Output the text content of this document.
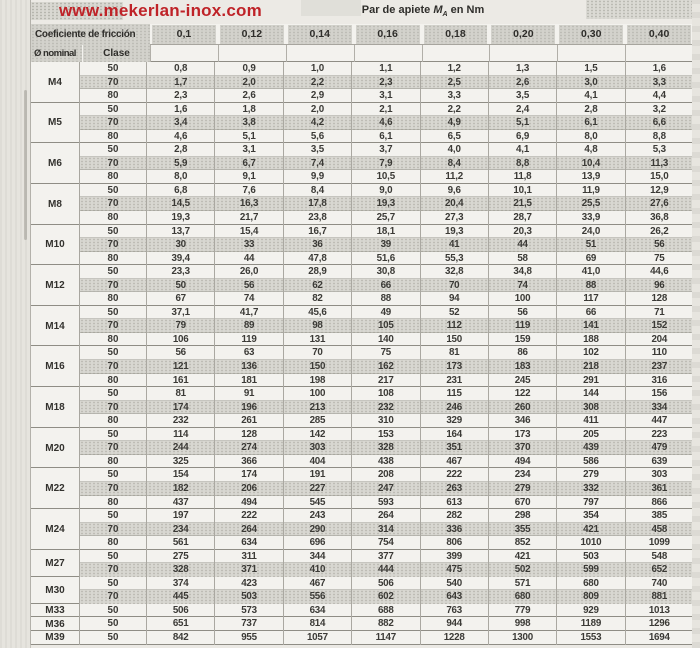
www.mekerlan-inox.com	Par de apiete $M_A$ en Nm
Coeficiente de fricción	0,1	0,12	0,14	0,16	0,18	0,20	0,30	0,40
Ø nominal	Clase
M4
50	0,8	0,9	1,0	1,1	1,2	1,3	1,5	1,6
70	1,7	2,0	2,2	2,3	2,5	2,6	3,0	3,3
80	2,3	2,6	2,9	3,1	3,3	3,5	4,1	4,4
M5
50	1,6	1,8	2,0	2,1	2,2	2,4	2,8	3,2
70	3,4	3,8	4,2	4,6	4,9	5,1	6,1	6,6
80	4,6	5,1	5,6	6,1	6,5	6,9	8,0	8,8
M6
50	2,8	3,1	3,5	3,7	4,0	4,1	4,8	5,3
70	5,9	6,7	7,4	7,9	8,4	8,8	10,4	11,3
80	8,0	9,1	9,9	10,5	11,2	11,8	13,9	15,0
M8
50	6,8	7,6	8,4	9,0	9,6	10,1	11,9	12,9
70	14,5	16,3	17,8	19,3	20,4	21,5	25,5	27,6
80	19,3	21,7	23,8	25,7	27,3	28,7	33,9	36,8
M10
50	13,7	15,4	16,7	18,1	19,3	20,3	24,0	26,2
70	30	33	36	39	41	44	51	56
80	39,4	44	47,8	51,6	55,3	58	69	75
M12
50	23,3	26,0	28,9	30,8	32,8	34,8	41,0	44,6
70	50	56	62	66	70	74	88	96
80	67	74	82	88	94	100	117	128
M14
50	37,1	41,7	45,6	49	52	56	66	71
70	79	89	98	105	112	119	141	152
80	106	119	131	140	150	159	188	204
M16
50	56	63	70	75	81	86	102	110
70	121	136	150	162	173	183	218	237
80	161	181	198	217	231	245	291	316
M18
50	81	91	100	108	115	122	144	156
70	174	196	213	232	246	260	308	334
80	232	261	285	310	329	346	411	447
M20
50	114	128	142	153	164	173	205	223
70	244	274	303	328	351	370	439	479
80	325	366	404	438	467	494	586	639
M22
50	154	174	191	208	222	234	279	303
70	182	206	227	247	263	279	332	361
80	437	494	545	593	613	670	797	866
M24
50	197	222	243	264	282	298	354	385
70	234	264	290	314	336	355	421	458
80	561	634	696	754	806	852	1010	1099
M27
50	275	311	344	377	399	421	503	548
70	328	371	410	444	475	502	599	652
M30
50	374	423	467	506	540	571	680	740
70	445	503	556	602	643	680	809	881
M33	50	506	573	634	688	763	779	929	1013
M36	50	651	737	814	882	944	998	1189	1296
M39	50	842	955	1057	1147	1228	1300	1553	1694
